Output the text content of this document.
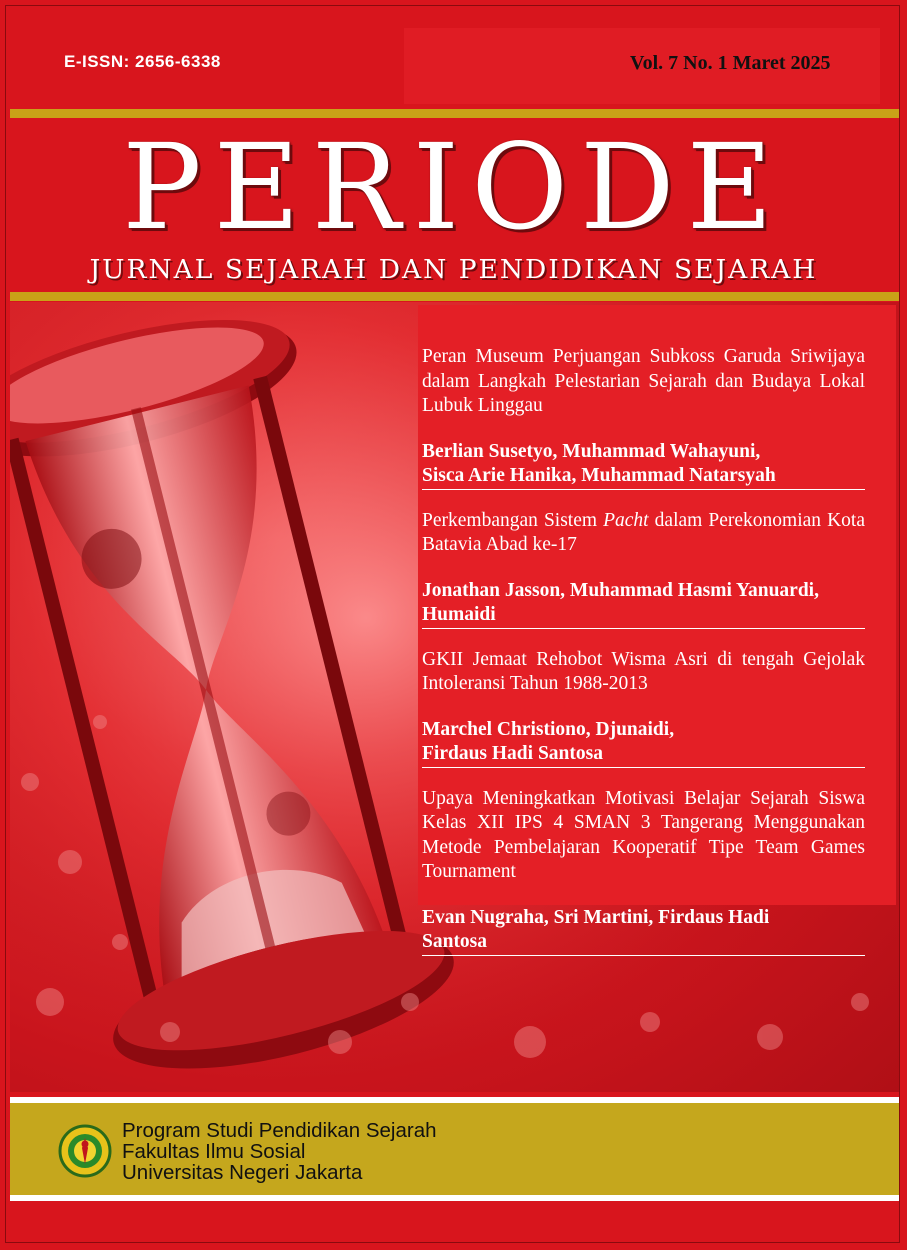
E-ISSN: 2656-6338	Vol. 7 No. 1 Maret 2025
PERIODE
JURNAL SEJARAH DAN PENDIDIKAN SEJARAH

Peran Museum Perjuangan Subkoss Garuda Sriwijaya dalam Langkah Pelestarian Sejarah dan Budaya Lokal Lubuk Linggau

Berlian Susetyo, Muhammad Wahayuni,
Sisca Arie Hanika, Muhammad Natarsyah

Perkembangan Sistem Pacht dalam Perekonomian Kota Batavia Abad ke-17

Jonathan Jasson, Muhammad Hasmi Yanuardi,
Humaidi

GKII Jemaat Rehobot Wisma Asri di tengah Gejolak Intoleransi Tahun 1988-2013

Marchel Christiono, Djunaidi,
Firdaus Hadi Santosa

Upaya Meningkatkan Motivasi Belajar Sejarah Siswa Kelas XII IPS 4 SMAN 3 Tangerang Menggunakan Metode Pembelajaran Kooperatif Tipe Team Games Tournament

Evan Nugraha, Sri Martini, Firdaus Hadi
Santosa

Program Studi Pendidikan Sejarah
Fakultas Ilmu Sosial
Universitas Negeri Jakarta
